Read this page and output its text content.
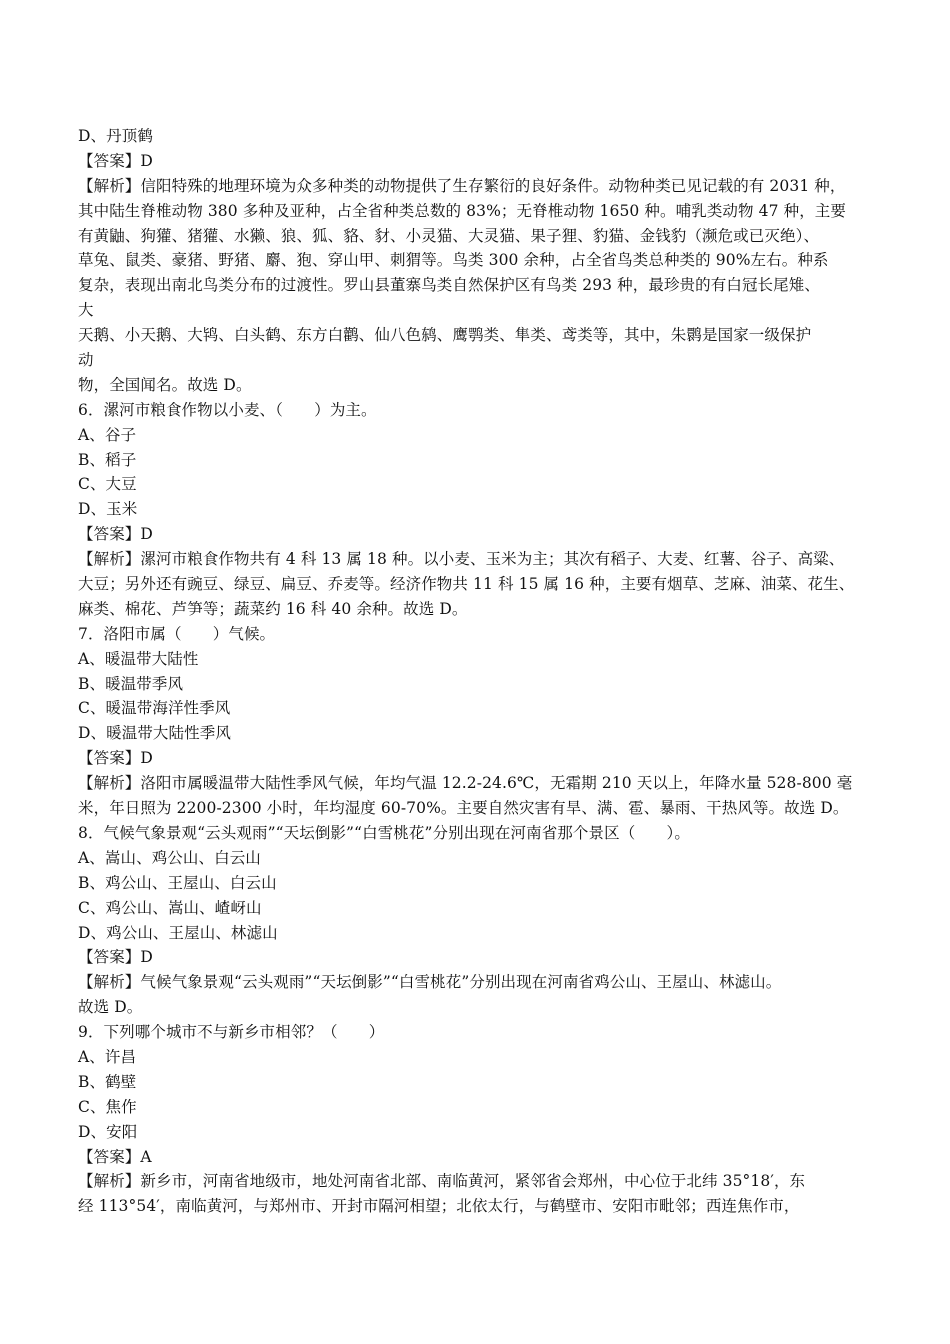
D、丹顶鹤
【答案】D
【解析】信阳特殊的地理环境为众多种类的动物提供了生存繁衍的良好条件。动物种类已见记载的有 2031 种，
其中陆生脊椎动物 380 多种及亚种，占全省种类总数的 83%；无脊椎动物 1650 种。哺乳类动物 47 种，主要
有黄鼬、狗獾、猪獾、水獭、狼、狐、貉、豺、小灵猫、大灵猫、果子狸、豹猫、金钱豹（濒危或已灭绝）、
草兔、鼠类、豪猪、野猪、麝、狍、穿山甲、刺猬等。鸟类 300 余种，占全省鸟类总种类的 90%左右。种系
复杂，表现出南北鸟类分布的过渡性。罗山县董寨鸟类自然保护区有鸟类 293 种，最珍贵的有白冠长尾雉、
大
天鹅、小天鹅、大鸨、白头鹤、东方白鹳、仙八色鸫、鹰鹗类、隼类、鸢类等，其中，朱鹮是国家一级保护
动
物，全国闻名。故选 D。
6．漯河市粮食作物以小麦、（　　）为主。
A、谷子
B、稻子
C、大豆
D、玉米
【答案】D
【解析】漯河市粮食作物共有 4 科 13 属 18 种。以小麦、玉米为主；其次有稻子、大麦、红薯、谷子、高粱、
大豆；另外还有豌豆、绿豆、扁豆、乔麦等。经济作物共 11 科 15 属 16 种，主要有烟草、芝麻、油菜、花生、
麻类、棉花、芦笋等；蔬菜约 16 科 40 余种。故选 D。
7．洛阳市属（　　）气候。
A、暖温带大陆性
B、暖温带季风
C、暖温带海洋性季风
D、暖温带大陆性季风
【答案】D
【解析】洛阳市属暖温带大陆性季风气候，年均气温 12.2-24.6℃，无霜期 210 天以上，年降水量 528-800 毫
米，年日照为 2200-2300 小时，年均湿度 60-70%。主要自然灾害有旱、满、雹、暴雨、干热风等。故选 D。
8．气候气象景观“云头观雨”“天坛倒影”“白雪桃花”分别出现在河南省那个景区（　　）。
A、嵩山、鸡公山、白云山
B、鸡公山、王屋山、白云山
C、鸡公山、嵩山、嵖岈山
D、鸡公山、王屋山、林滤山
【答案】D
【解析】气候气象景观“云头观雨”“天坛倒影”“白雪桃花”分别出现在河南省鸡公山、王屋山、林滤山。
故选 D。
9．下列哪个城市不与新乡市相邻？（　　）
A、许昌
B、鹤壁
C、焦作
D、安阳
【答案】A
【解析】新乡市，河南省地级市，地处河南省北部、南临黄河，紧邻省会郑州，中心位于北纬 35°18′，东
经 113°54′，南临黄河，与郑州市、开封市隔河相望；北依太行，与鹤壁市、安阳市毗邻；西连焦作市，
